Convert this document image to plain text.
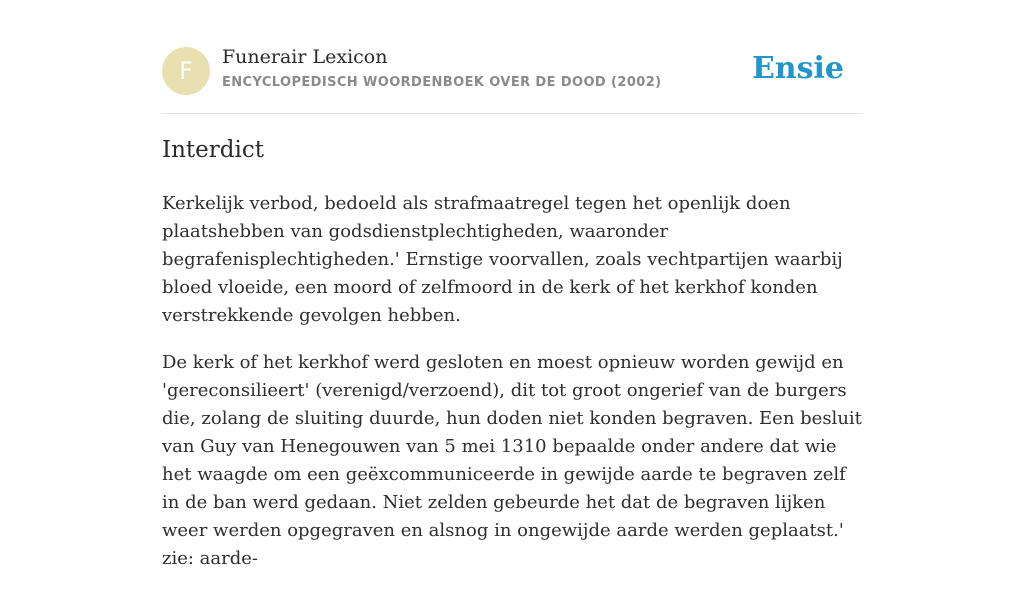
F	Funerair Lexicon
ENCYCLOPEDISCH WOORDENBOEK OVER DE DOOD (2002)	Ensie
Interdict

Kerkelijk verbod, bedoeld als strafmaatregel tegen het openlijk doen plaatshebben van godsdienstplechtigheden, waaronder begrafenisplechtigheden.' Ernstige voorvallen, zoals vechtpartijen waarbij bloed vloeide, een moord of zelfmoord in de kerk of het kerkhof konden verstrekkende gevolgen hebben.

De kerk of het kerkhof werd gesloten en moest opnieuw worden gewijd en 'gereconsilieert' (verenigd/verzoend), dit tot groot ongerief van de burgers die, zolang de sluiting duurde, hun doden niet konden begraven. Een besluit van Guy van Henegouwen van 5 mei 1310 bepaalde onder andere dat wie het waagde om een geëxcommuniceerde in gewijde aarde te begraven zelf in de ban werd gedaan. Niet zelden gebeurde het dat de begraven lijken weer werden opgegraven en alsnog in ongewijde aarde werden geplaatst.' zie: aarde-
